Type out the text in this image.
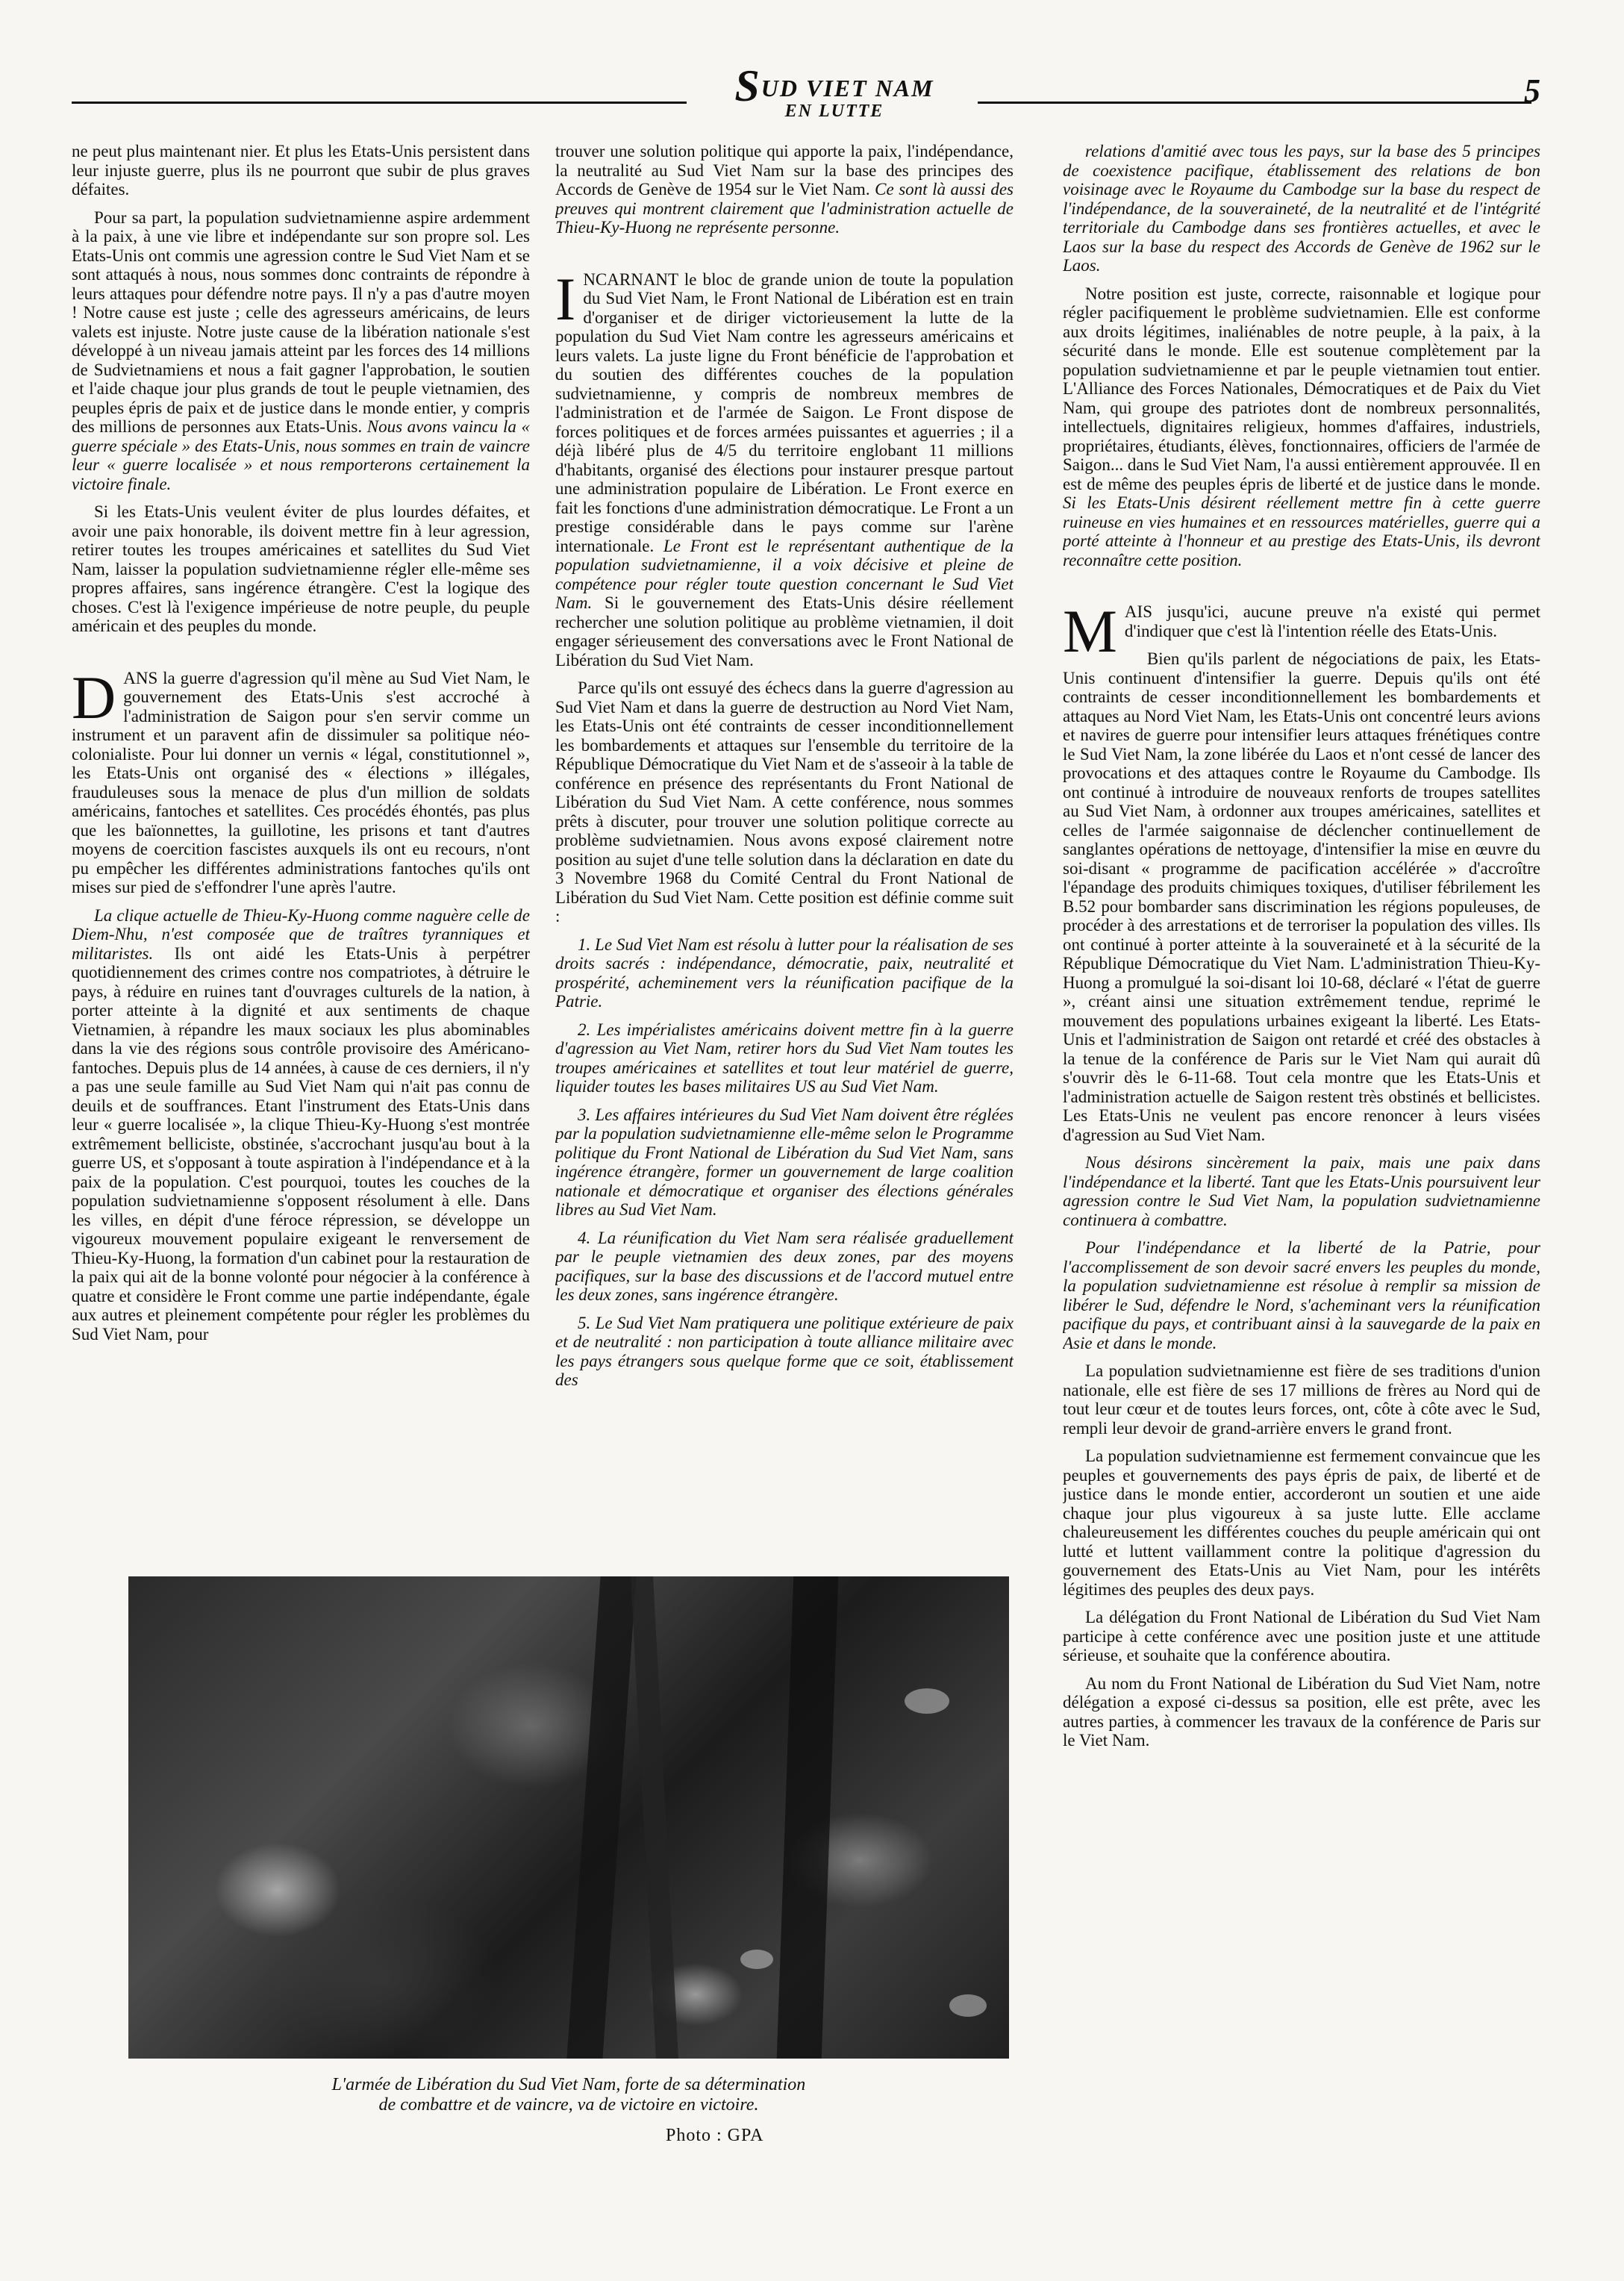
SUD VIET NAM
EN LUTTE
5

ne peut plus maintenant nier. Et plus les Etats-Unis persistent dans leur injuste guerre, plus ils ne pourront que subir de plus graves défaites.

Pour sa part, la population sudvietnamienne aspire ardemment à la paix, à une vie libre et indépendante sur son propre sol. Les Etats-Unis ont commis une agression contre le Sud Viet Nam et se sont attaqués à nous, nous sommes donc contraints de répondre à leurs attaques pour défendre notre pays. Il n'y a pas d'autre moyen ! Notre cause est juste ; celle des agresseurs américains, de leurs valets est injuste. Notre juste cause de la libération nationale s'est développé à un niveau jamais atteint par les forces des 14 millions de Sudvietnamiens et nous a fait gagner l'approbation, le soutien et l'aide chaque jour plus grands de tout le peuple vietnamien, des peuples épris de paix et de justice dans le monde entier, y compris des millions de personnes aux Etats-Unis. Nous avons vaincu la « guerre spéciale » des Etats-Unis, nous sommes en train de vaincre leur « guerre localisée » et nous remporterons certainement la victoire finale.

Si les Etats-Unis veulent éviter de plus lourdes défaites, et avoir une paix honorable, ils doivent mettre fin à leur agression, retirer toutes les troupes américaines et satellites du Sud Viet Nam, laisser la population sudvietnamienne régler elle-même ses propres affaires, sans ingérence étrangère. C'est la logique des choses. C'est là l'exigence impérieuse de notre peuple, du peuple américain et des peuples du monde.

DANS la guerre d'agression qu'il mène au Sud Viet Nam, le gouvernement des Etats-Unis s'est accroché à l'administration de Saigon pour s'en servir comme un instrument et un paravent afin de dissimuler sa politique néo-colonialiste. Pour lui donner un vernis « légal, constitutionnel », les Etats-Unis ont organisé des « élections » illégales, frauduleuses sous la menace de plus d'un million de soldats américains, fantoches et satellites. Ces procédés éhontés, pas plus que les baïonnettes, la guillotine, les prisons et tant d'autres moyens de coercition fascistes auxquels ils ont eu recours, n'ont pu empêcher les différentes administrations fantoches qu'ils ont mises sur pied de s'effondrer l'une après l'autre.

La clique actuelle de Thieu-Ky-Huong comme naguère celle de Diem-Nhu, n'est composée que de traîtres tyranniques et militaristes. Ils ont aidé les Etats-Unis à perpétrer quotidiennement des crimes contre nos compatriotes, à détruire le pays, à réduire en ruines tant d'ouvrages culturels de la nation, à porter atteinte à la dignité et aux sentiments de chaque Vietnamien, à répandre les maux sociaux les plus abominables dans la vie des régions sous contrôle provisoire des Américano-fantoches. Depuis plus de 14 années, à cause de ces derniers, il n'y a pas une seule famille au Sud Viet Nam qui n'ait pas connu de deuils et de souffrances. Etant l'instrument des Etats-Unis dans leur « guerre localisée », la clique Thieu-Ky-Huong s'est montrée extrêmement belliciste, obstinée, s'accrochant jusqu'au bout à la guerre US, et s'opposant à toute aspiration à l'indépendance et à la paix de la population. C'est pourquoi, toutes les couches de la population sudvietnamienne s'opposent résolument à elle. Dans les villes, en dépit d'une féroce répression, se développe un vigoureux mouvement populaire exigeant le renversement de Thieu-Ky-Huong, la formation d'un cabinet pour la restauration de la paix qui ait de la bonne volonté pour négocier à la conférence à quatre et considère le Front comme une partie indépendante, égale aux autres et pleinement compétente pour régler les problèmes du Sud Viet Nam, pour

trouver une solution politique qui apporte la paix, l'indépendance, la neutralité au Sud Viet Nam sur la base des principes des Accords de Genève de 1954 sur le Viet Nam. Ce sont là aussi des preuves qui montrent clairement que l'administration actuelle de Thieu-Ky-Huong ne représente personne.

INCARNANT le bloc de grande union de toute la population du Sud Viet Nam, le Front National de Libération est en train d'organiser et de diriger victorieusement la lutte de la population du Sud Viet Nam contre les agresseurs américains et leurs valets. La juste ligne du Front bénéficie de l'approbation et du soutien des différentes couches de la population sudvietnamienne, y compris de nombreux membres de l'administration et de l'armée de Saigon. Le Front dispose de forces politiques et de forces armées puissantes et aguerries ; il a déjà libéré plus de 4/5 du territoire englobant 11 millions d'habitants, organisé des élections pour instaurer presque partout une administration populaire de Libération. Le Front exerce en fait les fonctions d'une administration démocratique. Le Front a un prestige considérable dans le pays comme sur l'arène internationale. Le Front est le représentant authentique de la population sudvietnamienne, il a voix décisive et pleine de compétence pour régler toute question concernant le Sud Viet Nam. Si le gouvernement des Etats-Unis désire réellement rechercher une solution politique au problème vietnamien, il doit engager sérieusement des conversations avec le Front National de Libération du Sud Viet Nam.

Parce qu'ils ont essuyé des échecs dans la guerre d'agression au Sud Viet Nam et dans la guerre de destruction au Nord Viet Nam, les Etats-Unis ont été contraints de cesser inconditionnellement les bombardements et attaques sur l'ensemble du territoire de la République Démocratique du Viet Nam et de s'asseoir à la table de conférence en présence des représentants du Front National de Libération du Sud Viet Nam. A cette conférence, nous sommes prêts à discuter, pour trouver une solution politique correcte au problème sudvietnamien. Nous avons exposé clairement notre position au sujet d'une telle solution dans la déclaration en date du 3 Novembre 1968 du Comité Central du Front National de Libération du Sud Viet Nam. Cette position est définie comme suit :

1. Le Sud Viet Nam est résolu à lutter pour la réalisation de ses droits sacrés : indépendance, démocratie, paix, neutralité et prospérité, acheminement vers la réunification pacifique de la Patrie.

2. Les impérialistes américains doivent mettre fin à la guerre d'agression au Viet Nam, retirer hors du Sud Viet Nam toutes les troupes américaines et satellites et tout leur matériel de guerre, liquider toutes les bases militaires US au Sud Viet Nam.

3. Les affaires intérieures du Sud Viet Nam doivent être réglées par la population sudvietnamienne elle-même selon le Programme politique du Front National de Libération du Sud Viet Nam, sans ingérence étrangère, former un gouvernement de large coalition nationale et démocratique et organiser des élections générales libres au Sud Viet Nam.

4. La réunification du Viet Nam sera réalisée graduellement par le peuple vietnamien des deux zones, par des moyens pacifiques, sur la base des discussions et de l'accord mutuel entre les deux zones, sans ingérence étrangère.

5. Le Sud Viet Nam pratiquera une politique extérieure de paix et de neutralité : non participation à toute alliance militaire avec les pays étrangers sous quelque forme que ce soit, établissement des

relations d'amitié avec tous les pays, sur la base des 5 principes de coexistence pacifique, établissement des relations de bon voisinage avec le Royaume du Cambodge sur la base du respect de l'indépendance, de la souveraineté, de la neutralité et de l'intégrité territoriale du Cambodge dans ses frontières actuelles, et avec le Laos sur la base du respect des Accords de Genève de 1962 sur le Laos.

Notre position est juste, correcte, raisonnable et logique pour régler pacifiquement le problème sudvietnamien. Elle est conforme aux droits légitimes, inaliénables de notre peuple, à la paix, à la sécurité dans le monde. Elle est soutenue complètement par la population sudvietnamienne et par le peuple vietnamien tout entier. L'Alliance des Forces Nationales, Démocratiques et de Paix du Viet Nam, qui groupe des patriotes dont de nombreux personnalités, intellectuels, dignitaires religieux, hommes d'affaires, industriels, propriétaires, étudiants, élèves, fonctionnaires, officiers de l'armée de Saigon... dans le Sud Viet Nam, l'a aussi entièrement approuvée. Il en est de même des peuples épris de liberté et de justice dans le monde. Si les Etats-Unis désirent réellement mettre fin à cette guerre ruineuse en vies humaines et en ressources matérielles, guerre qui a porté atteinte à l'honneur et au prestige des Etats-Unis, ils devront reconnaître cette position.

MAIS jusqu'ici, aucune preuve n'a existé qui permet d'indiquer que c'est là l'intention réelle des Etats-Unis.

Bien qu'ils parlent de négociations de paix, les Etats-Unis continuent d'intensifier la guerre. Depuis qu'ils ont été contraints de cesser inconditionnellement les bombardements et attaques au Nord Viet Nam, les Etats-Unis ont concentré leurs avions et navires de guerre pour intensifier leurs attaques frénétiques contre le Sud Viet Nam, la zone libérée du Laos et n'ont cessé de lancer des provocations et des attaques contre le Royaume du Cambodge. Ils ont continué à introduire de nouveaux renforts de troupes satellites au Sud Viet Nam, à ordonner aux troupes américaines, satellites et celles de l'armée saigonnaise de déclencher continuellement de sanglantes opérations de nettoyage, d'intensifier la mise en œuvre du soi-disant « programme de pacification accélérée » d'accroître l'épandage des produits chimiques toxiques, d'utiliser fébrilement les B.52 pour bombarder sans discrimination les régions populeuses, de procéder à des arrestations et de terroriser la population des villes. Ils ont continué à porter atteinte à la souveraineté et à la sécurité de la République Démocratique du Viet Nam. L'administration Thieu-Ky-Huong a promulgué la soi-disant loi 10-68, déclaré « l'état de guerre », créant ainsi une situation extrêmement tendue, reprimé le mouvement des populations urbaines exigeant la liberté. Les Etats-Unis et l'administration de Saigon ont retardé et créé des obstacles à la tenue de la conférence de Paris sur le Viet Nam qui aurait dû s'ouvrir dès le 6-11-68. Tout cela montre que les Etats-Unis et l'administration actuelle de Saigon restent très obstinés et bellicistes. Les Etats-Unis ne veulent pas encore renoncer à leurs visées d'agression au Sud Viet Nam.

Nous désirons sincèrement la paix, mais une paix dans l'indépendance et la liberté. Tant que les Etats-Unis poursuivent leur agression contre le Sud Viet Nam, la population sudvietnamienne continuera à combattre.

Pour l'indépendance et la liberté de la Patrie, pour l'accomplissement de son devoir sacré envers les peuples du monde, la population sudvietnamienne est résolue à remplir sa mission de libérer le Sud, défendre le Nord, s'acheminant vers la réunification pacifique du pays, et contribuant ainsi à la sauvegarde de la paix en Asie et dans le monde.

La population sudvietnamienne est fière de ses traditions d'union nationale, elle est fière de ses 17 millions de frères au Nord qui de tout leur cœur et de toutes leurs forces, ont, côte à côte avec le Sud, rempli leur devoir de grand-arrière envers le grand front.

La population sudvietnamienne est fermement convaincue que les peuples et gouvernements des pays épris de paix, de liberté et de justice dans le monde entier, accorderont un soutien et une aide chaque jour plus vigoureux à sa juste lutte. Elle acclame chaleureusement les différentes couches du peuple américain qui ont lutté et luttent vaillamment contre la politique d'agression du gouvernement des Etats-Unis au Viet Nam, pour les intérêts légitimes des peuples des deux pays.

La délégation du Front National de Libération du Sud Viet Nam participe à cette conférence avec une position juste et une attitude sérieuse, et souhaite que la conférence aboutira.

Au nom du Front National de Libération du Sud Viet Nam, notre délégation a exposé ci-dessus sa position, elle est prête, avec les autres parties, à commencer les travaux de la conférence de Paris sur le Viet Nam.

L'armée de Libération du Sud Viet Nam, forte de sa détermination
de combattre et de vaincre, va de victoire en victoire.
Photo : GPA
